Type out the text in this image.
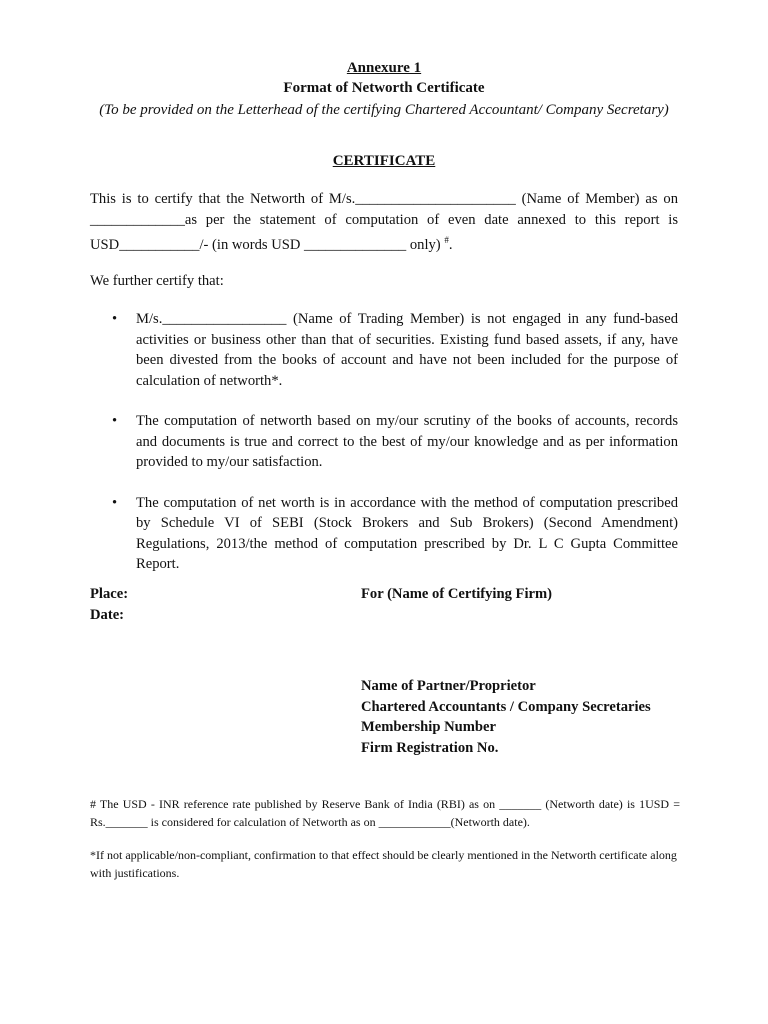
Annexure 1
Format of Networth Certificate
(To be provided on the Letterhead of the certifying Chartered Accountant/ Company Secretary)
CERTIFICATE
This is to certify that the Networth of M/s.______________________ (Name of Member) as on _____________as per the statement of computation of even date annexed to this report is USD___________/- (in words USD ______________ only) #.
We further certify that:
• M/s._________________ (Name of Trading Member) is not engaged in any fund-based activities or business other than that of securities. Existing fund based assets, if any, have been divested from the books of account and have not been included for the purpose of calculation of networth*.
• The computation of networth based on my/our scrutiny of the books of accounts, records and documents is true and correct to the best of my/our knowledge and as per information provided to my/our satisfaction.
• The computation of net worth is in accordance with the method of computation prescribed by Schedule VI of SEBI (Stock Brokers and Sub Brokers) (Second Amendment) Regulations, 2013/the method of computation prescribed by Dr. L C Gupta Committee Report.
Place:
Date:
For (Name of Certifying Firm)
Name of Partner/Proprietor
Chartered Accountants / Company Secretaries
Membership Number
Firm Registration No.
# The USD - INR reference rate published by Reserve Bank of India (RBI) as on _______ (Networth date) is 1USD = Rs._______ is considered for calculation of Networth as on ____________(Networth date).
*If not applicable/non-compliant, confirmation to that effect should be clearly mentioned in the Networth certificate along with justifications.
